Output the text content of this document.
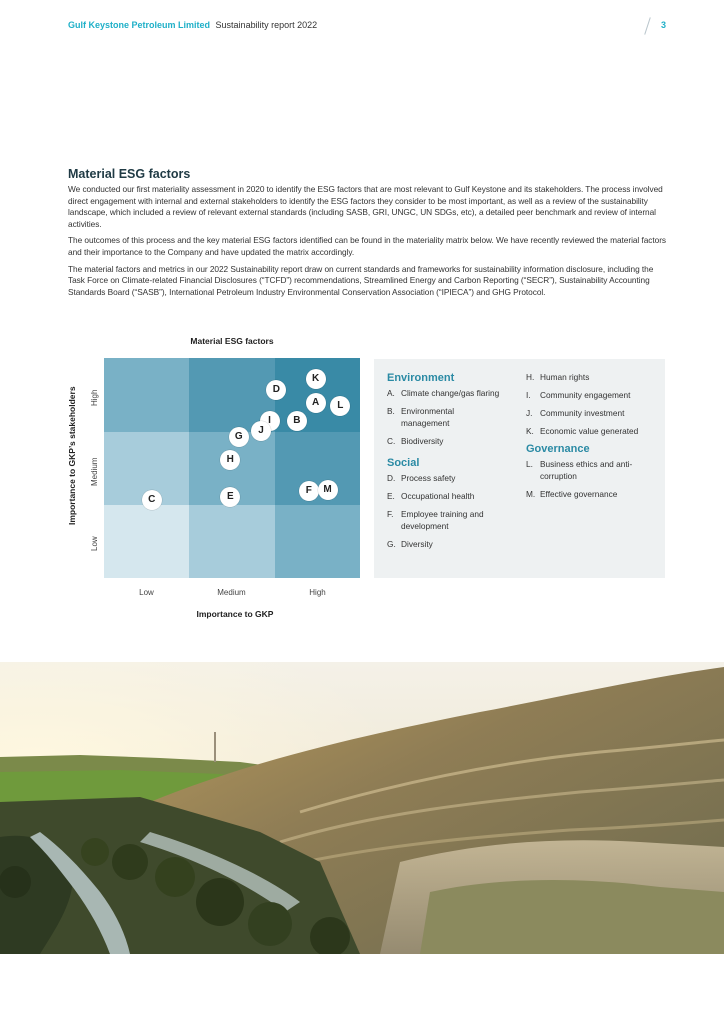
Gulf Keystone Petroleum Limited Sustainability report 2022	3
Material ESG factors

We conducted our first materiality assessment in 2020 to identify the ESG factors that are most relevant to Gulf Keystone and its stakeholders. The process involved direct engagement with internal and external stakeholders to identify the ESG factors they consider to be most important, as well as a review of the sustainability landscape, which included a review of relevant external standards (including SASB, GRI, UNGC, UN SDGs, etc), a detailed peer benchmark and review of internal activities.

The outcomes of this process and the key material ESG factors identified can be found in the materiality matrix below. We have recently reviewed the material factors and their importance to the Company and have updated the matrix accordingly.

The material factors and metrics in our 2022 Sustainability report draw on current standards and frameworks for sustainability information disclosure, including the Task Force on Climate-related Financial Disclosures (“TCFD”) recommendations, Streamlined Energy and Carbon Reporting (“SECR”), Sustainability Accounting Standards Board (“SASB”), International Petroleum Industry Environmental Conservation Association (“IPIECA”) and GHG Protocol.

Material ESG factors
Importance to GKP’s stakeholders High
Medium
Low
K
D
A	L
I	B
J
G
H
F	M
E
C
Low	Medium	High
Importance to GKP
Environment
A. Climate change/gas flaring
B. Environmental management
C. Biodiversity
Social
D. Process safety
E. Occupational health
F. Employee training and development
G. Diversity
H. Human rights
I. Community engagement
J. Community investment
K. Economic value generated
Governance
L. Business ethics and anti-corruption
M. Effective governance
